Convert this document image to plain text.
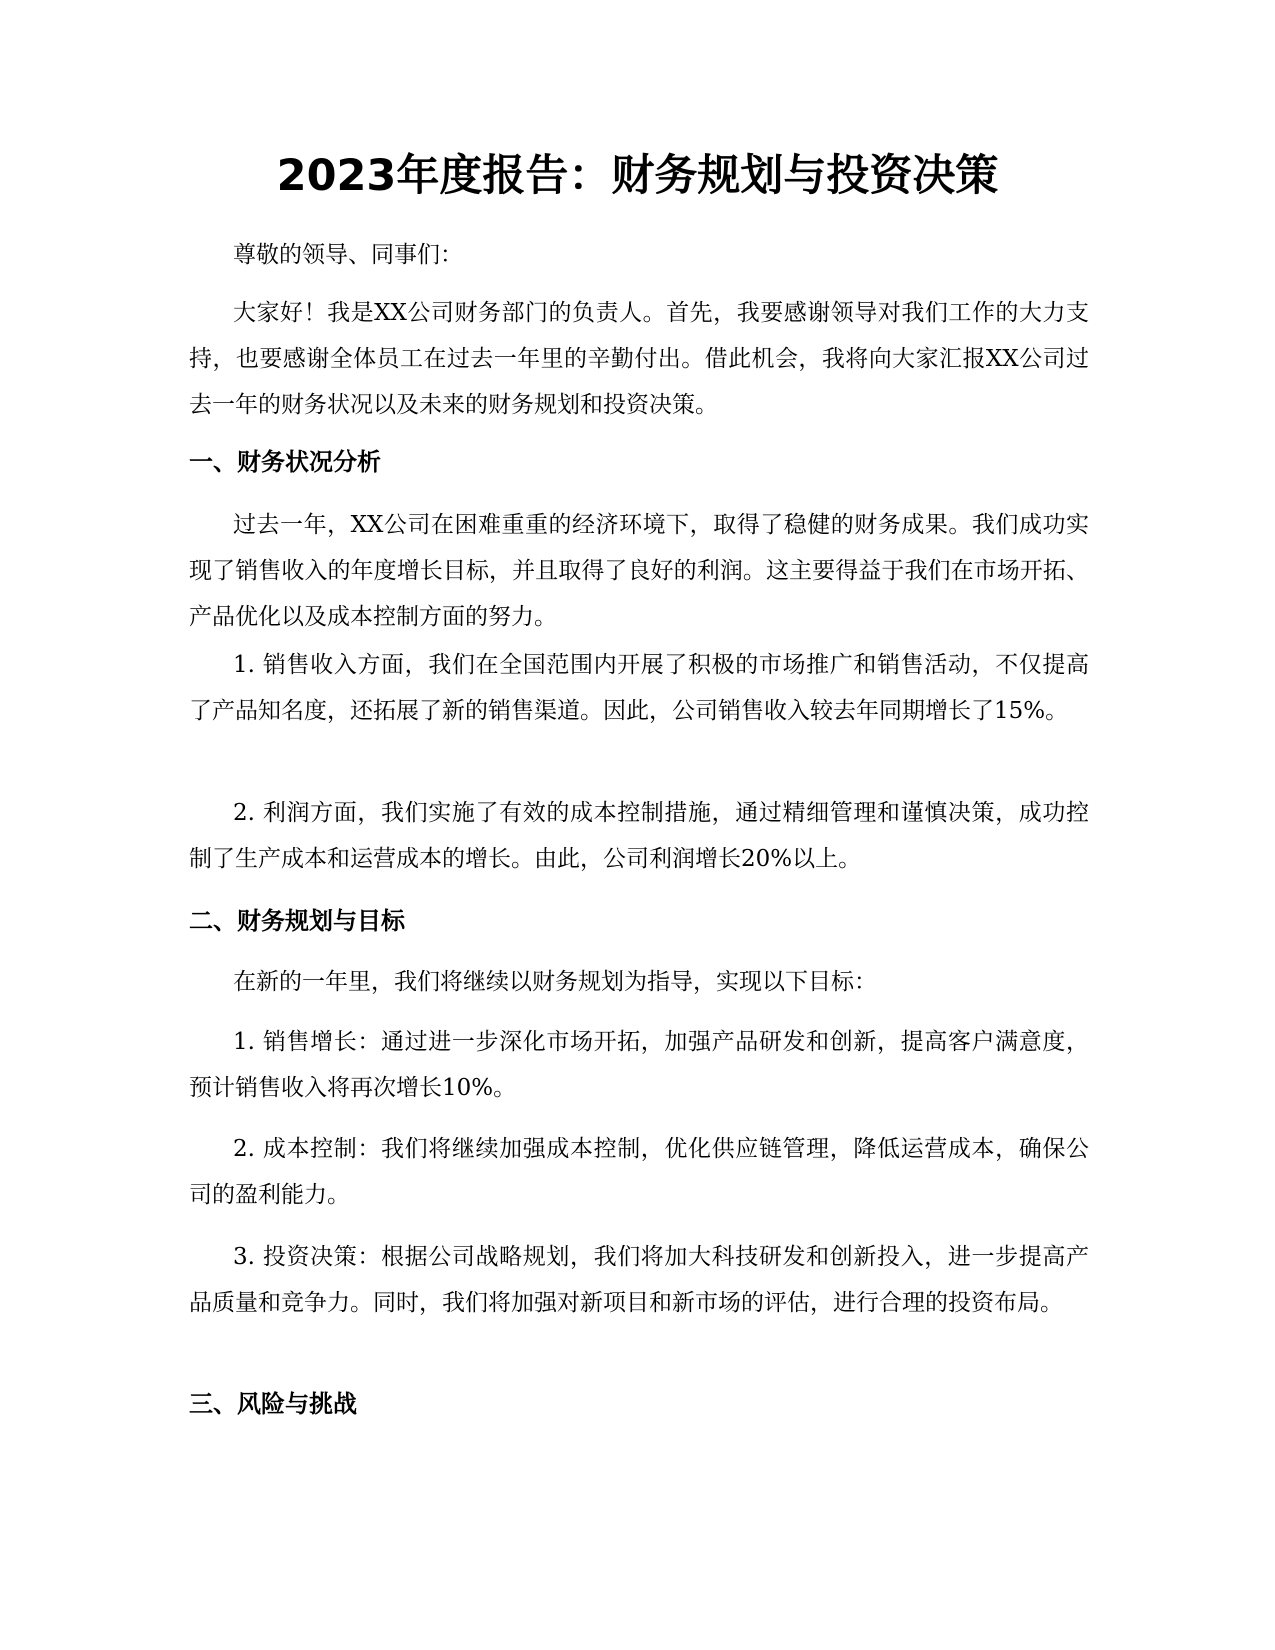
2023年度报告：财务规划与投资决策

尊敬的领导、同事们：

大家好！我是XX公司财务部门的负责人。首先，我要感谢领导对我们工作的大力支持，也要感谢全体员工在过去一年里的辛勤付出。借此机会，我将向大家汇报XX公司过去一年的财务状况以及未来的财务规划和投资决策。

一、财务状况分析

过去一年，XX公司在困难重重的经济环境下，取得了稳健的财务成果。我们成功实现了销售收入的年度增长目标，并且取得了良好的利润。这主要得益于我们在市场开拓、产品优化以及成本控制方面的努力。

1. 销售收入方面，我们在全国范围内开展了积极的市场推广和销售活动，不仅提高了产品知名度，还拓展了新的销售渠道。因此，公司销售收入较去年同期增长了15%。

2. 利润方面，我们实施了有效的成本控制措施，通过精细管理和谨慎决策，成功控制了生产成本和运营成本的增长。由此，公司利润增长20%以上。

二、财务规划与目标

在新的一年里，我们将继续以财务规划为指导，实现以下目标：

1. 销售增长：通过进一步深化市场开拓，加强产品研发和创新，提高客户满意度，预计销售收入将再次增长10%。

2. 成本控制：我们将继续加强成本控制，优化供应链管理，降低运营成本，确保公司的盈利能力。

3. 投资决策：根据公司战略规划，我们将加大科技研发和创新投入，进一步提高产品质量和竞争力。同时，我们将加强对新项目和新市场的评估，进行合理的投资布局。

三、风险与挑战
